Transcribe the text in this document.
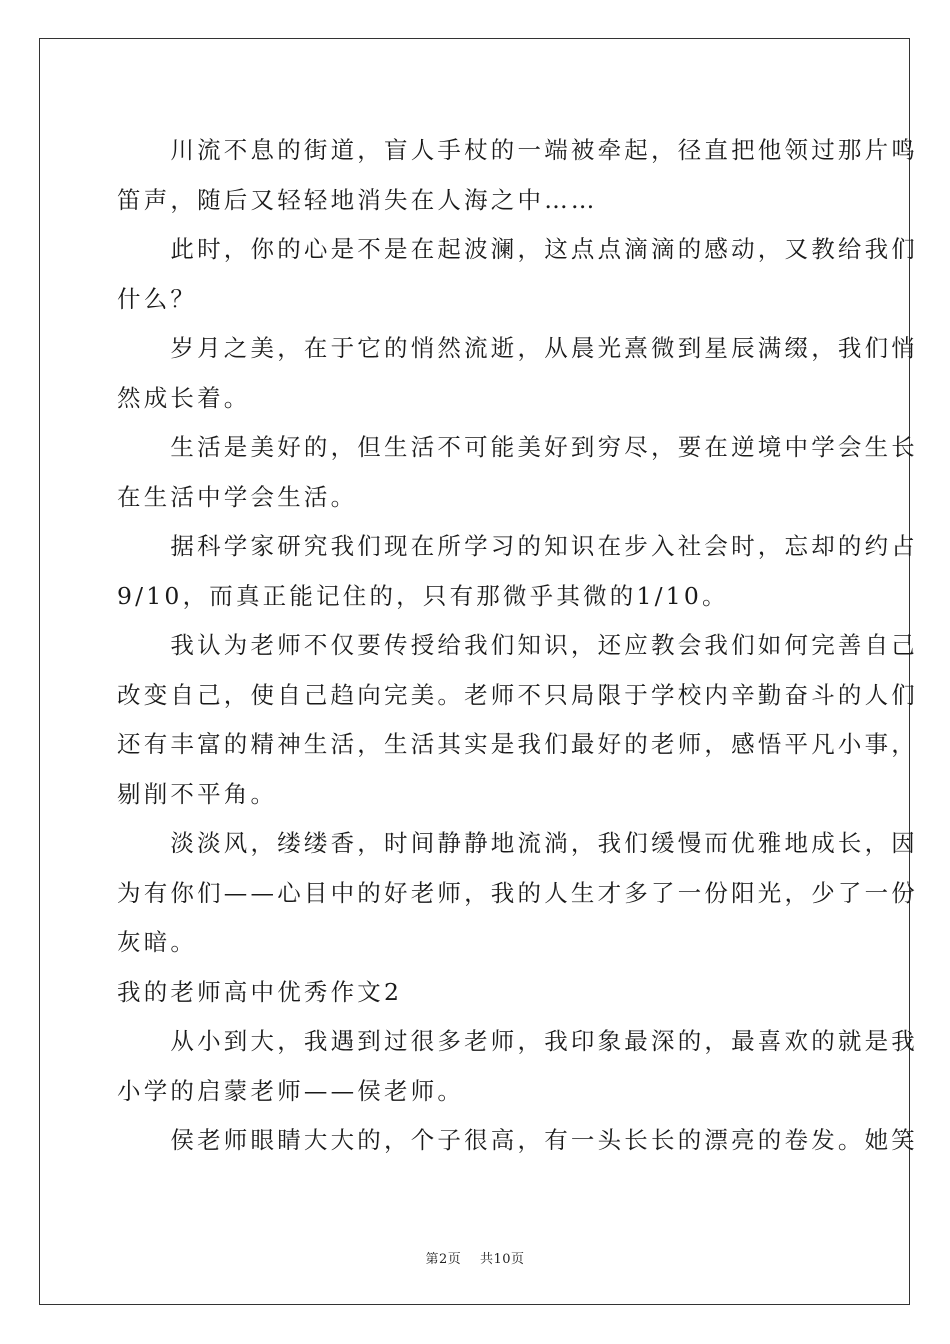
　　川流不息的街道，盲人手杖的一端被牵起，径直把他领过那片鸣
笛声，随后又轻轻地消失在人海之中……
　　此时，你的心是不是在起波澜，这点点滴滴的感动，又教给我们
什么？
　　岁月之美，在于它的悄然流逝，从晨光熹微到星辰满缀，我们悄
然成长着。
　　生活是美好的，但生活不可能美好到穷尽，要在逆境中学会生长
在生活中学会生活。
　　据科学家研究我们现在所学习的知识在步入社会时，忘却的约占
9/10，而真正能记住的，只有那微乎其微的1/10。
　　我认为老师不仅要传授给我们知识，还应教会我们如何完善自己
改变自己，使自己趋向完美。老师不只局限于学校内辛勤奋斗的人们
还有丰富的精神生活，生活其实是我们最好的老师，感悟平凡小事，
剔削不平角。
　　淡淡风，缕缕香，时间静静地流淌，我们缓慢而优雅地成长，因
为有你们——心目中的好老师，我的人生才多了一份阳光，少了一份
灰暗。
我的老师高中优秀作文2
　　从小到大，我遇到过很多老师，我印象最深的，最喜欢的就是我
小学的启蒙老师——侯老师。
　　侯老师眼睛大大的，个子很高，有一头长长的漂亮的卷发。她笑
第2页 共10页
